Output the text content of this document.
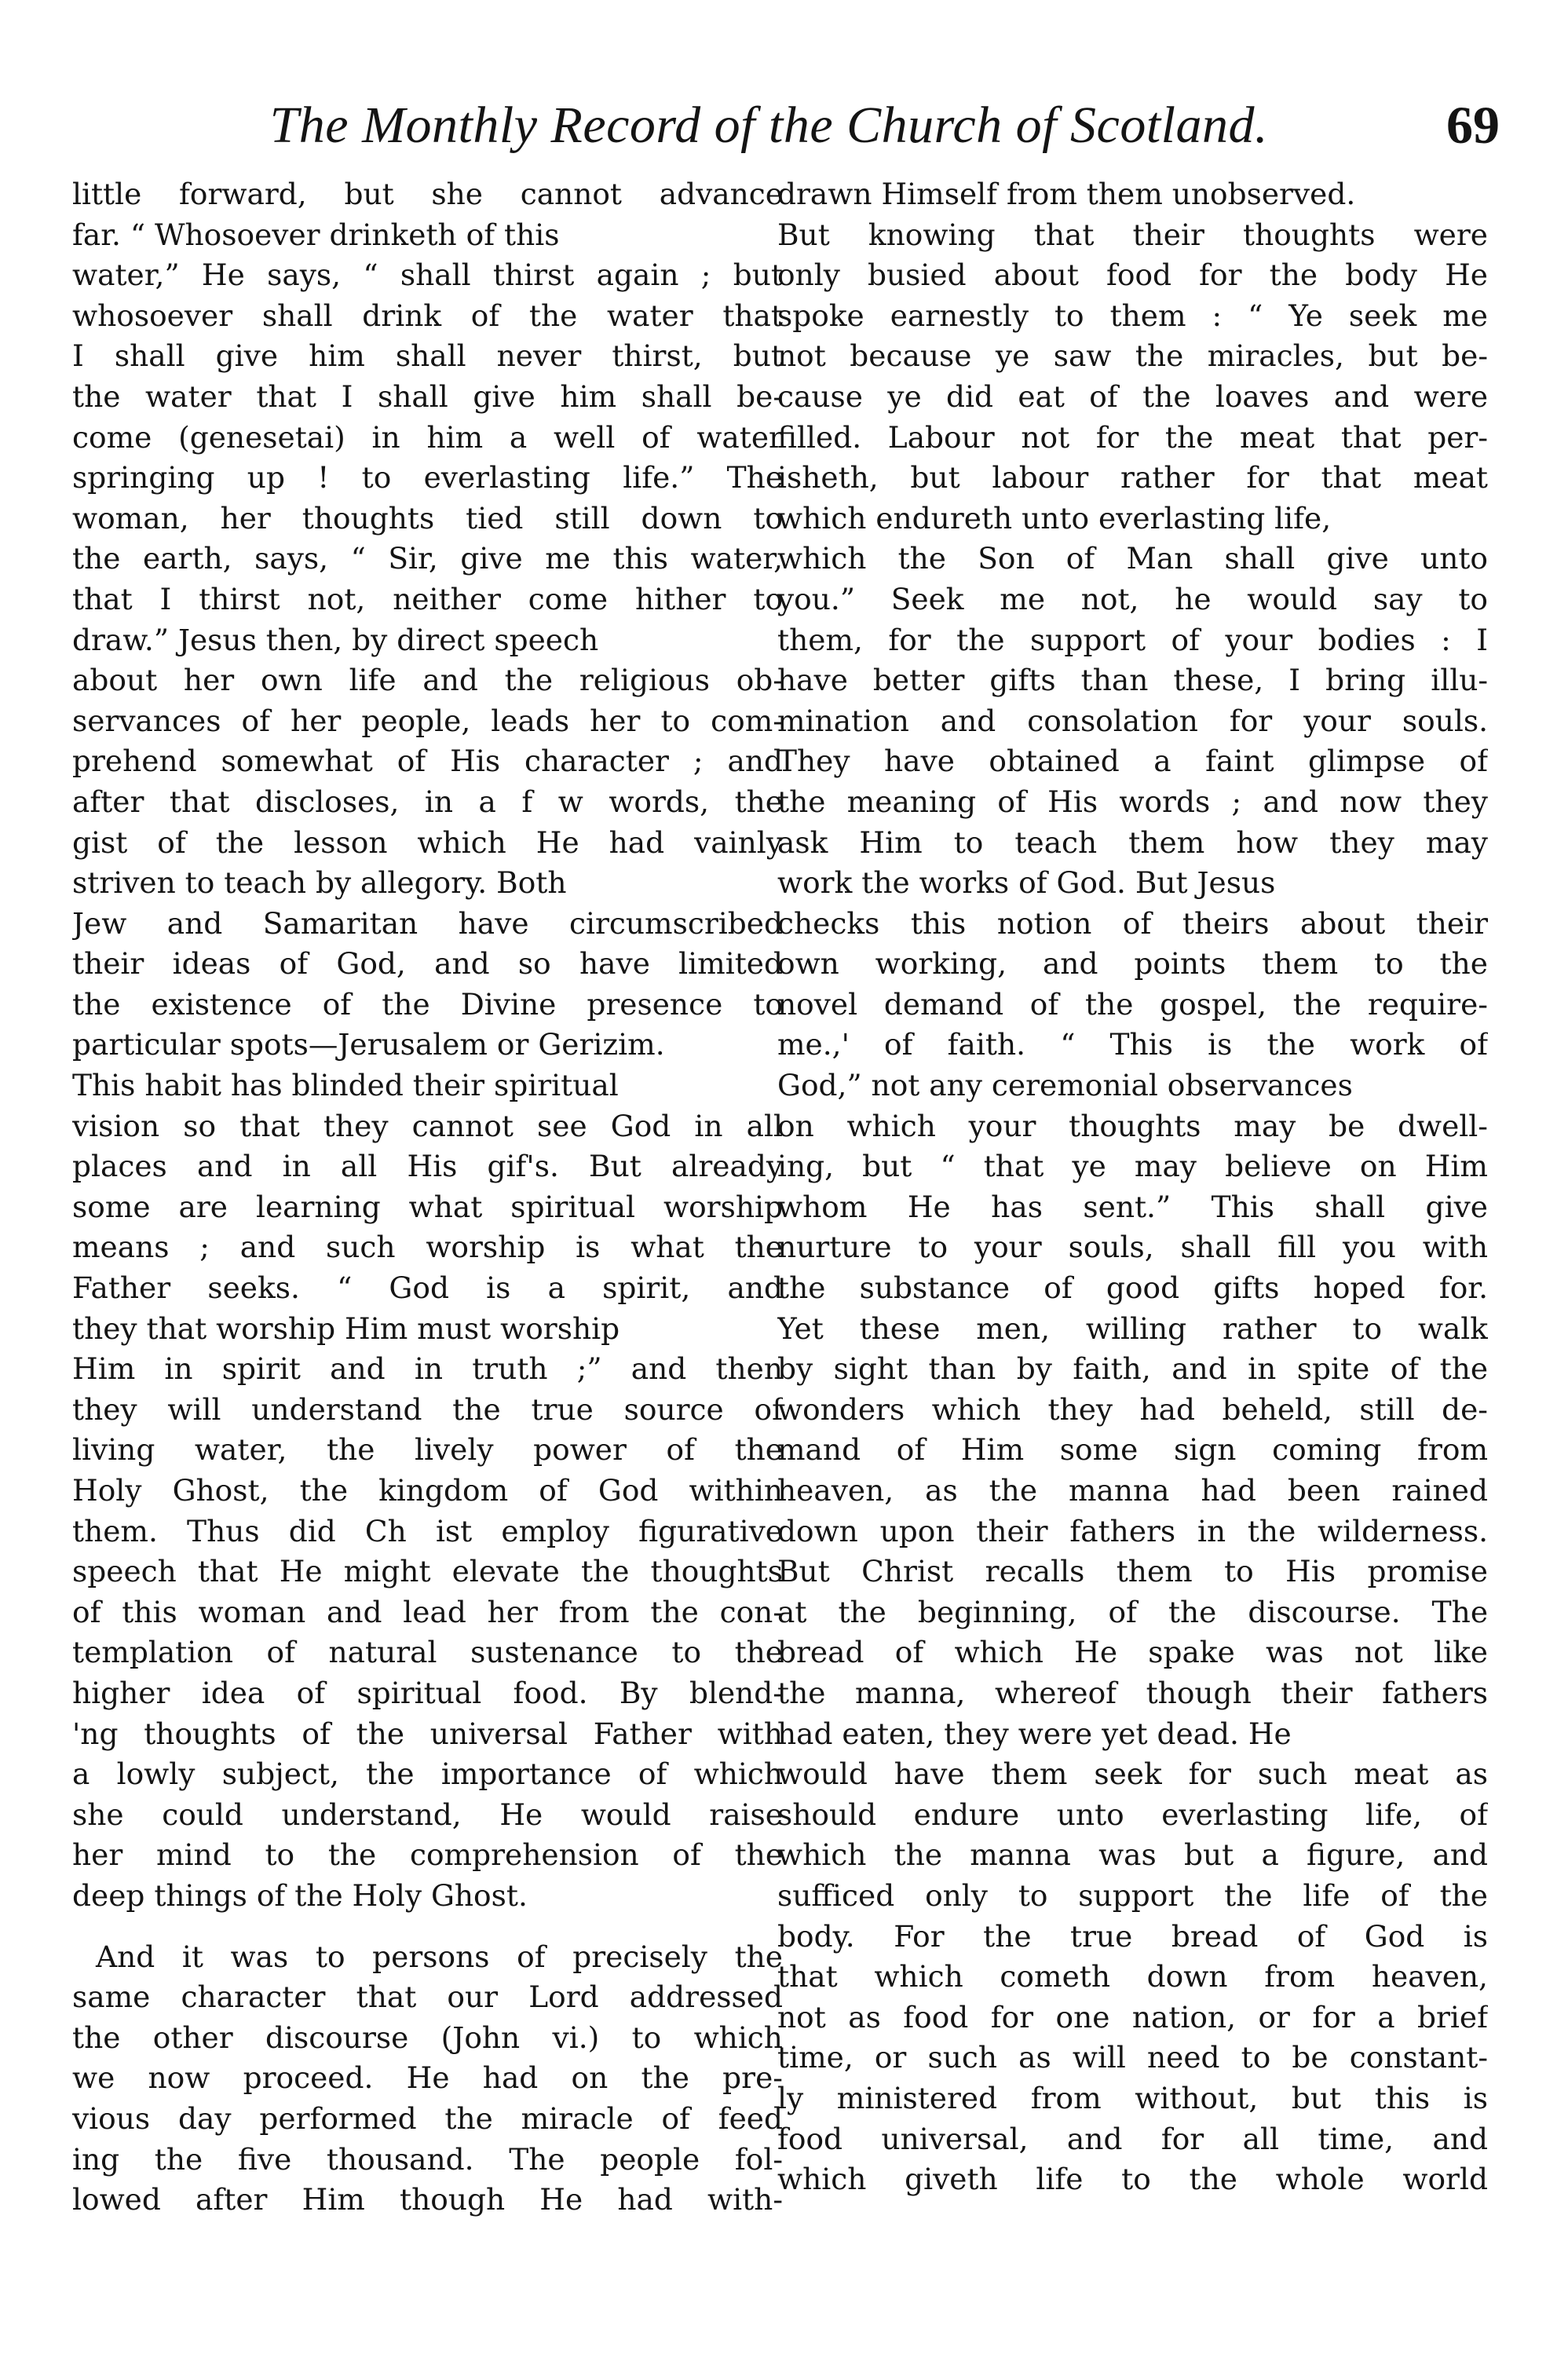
The Monthly Record of the Church of Scotland.	69
little forward, but she cannot advance
far. “ Whosoever drinketh of this
water,” He says, “ shall thirst again ; but
whosoever shall drink of the water that
I shall give him shall never thirst, but
the water that I shall give him shall be-
come (genesetai) in him a well of water
springing up ! to everlasting life.” The
woman, her thoughts tied still down to
the earth, says, “ Sir, give me this water,
that I thirst not, neither come hither to
draw.” Jesus then, by direct speech
about her own life and the religious ob-
servances of her people, leads her to com-
prehend somewhat of His character ; and
after that discloses, in a f w words, the
gist of the lesson which He had vainly
striven to teach by allegory. Both
Jew and Samaritan have circumscribed
their ideas of God, and so have limited
the existence of the Divine presence to
particular spots—Jerusalem or Gerizim.
This habit has blinded their spiritual
vision so that they cannot see God in all
places and in all His gif's. But already
some are learning what spiritual worship
means ; and such worship is what the
Father seeks. “ God is a spirit, and
they that worship Him must worship
Him in spirit and in truth ;” and then
they will understand the true source of
living water, the lively power of the
Holy Ghost, the kingdom of God within
them. Thus did Ch ist employ figurative
speech that He might elevate the thoughts
of this woman and lead her from the con-
templation of natural sustenance to the
higher idea of spiritual food. By blend-
'ng thoughts of the universal Father with
a lowly subject, the importance of which
she could understand, He would raise
her mind to the comprehension of the
deep things of the Holy Ghost.
And it was to persons of precisely the
same character that our Lord addressed
the other discourse (John vi.) to which
we now proceed. He had on the pre-
vious day performed the miracle of feed
ing the five thousand. The people fol-
lowed after Him though He had with-
drawn Himself from them unobserved.
But knowing that their thoughts were
only busied about food for the body He
spoke earnestly to them : “ Ye seek me
not because ye saw the miracles, but be-
cause ye did eat of the loaves and were
filled. Labour not for the meat that per-
isheth, but labour rather for that meat
which endureth unto everlasting life,
which the Son of Man shall give unto
you.” Seek me not, he would say to
them, for the support of your bodies : I
have better gifts than these, I bring illu-
mination and consolation for your souls.
They have obtained a faint glimpse of
the meaning of His words ; and now they
ask Him to teach them how they may
work the works of God. But Jesus
checks this notion of theirs about their
own working, and points them to the
novel demand of the gospel, the require-
me.,' of faith. “ This is the work of
God,” not any ceremonial observances
on which your thoughts may be dwell-
ing, but “ that ye may believe on Him
whom He has sent.” This shall give
nurture to your souls, shall fill you with
the substance of good gifts hoped for.
Yet these men, willing rather to walk
by sight than by faith, and in spite of the
wonders which they had beheld, still de-
mand of Him some sign coming from
heaven, as the manna had been rained
down upon their fathers in the wilderness.
But Christ recalls them to His promise
at the beginning, of the discourse. The
bread of which He spake was not like
the manna, whereof though their fathers
had eaten, they were yet dead. He
would have them seek for such meat as
should endure unto everlasting life, of
which the manna was but a figure, and
sufficed only to support the life of the
body. For the true bread of God is
that which cometh down from heaven,
not as food for one nation, or for a brief
time, or such as will need to be constant-
ly ministered from without, but this is
food universal, and for all time, and
which giveth life to the whole world
